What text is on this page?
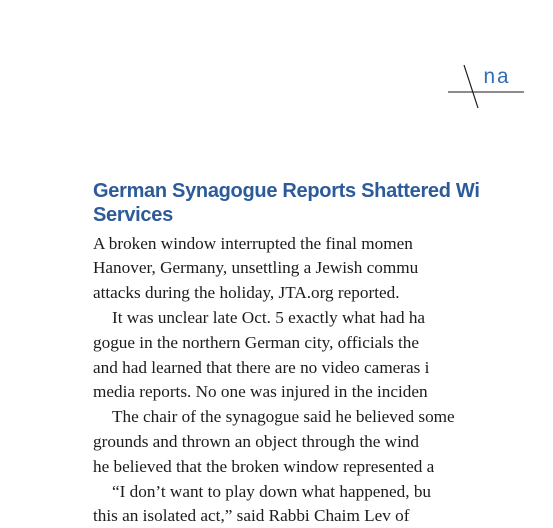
na
German Synagogue Reports Shattered Wi
Services
A broken window interrupted the final momen
Hanover, Germany, unsettling a Jewish commu
attacks during the holiday, JTA.org reported.
It was unclear late Oct. 5 exactly what had ha
gogue in the northern German city, officials the
and had learned that there are no video cameras i
media reports. No one was injured in the inciden
The chair of the synagogue said he believed some
grounds and thrown an object through the wind
he believed that the broken window represented a
“I don’t want to play down what happened, bu
this an isolated act,” said Rabbi Chaim Lev of
